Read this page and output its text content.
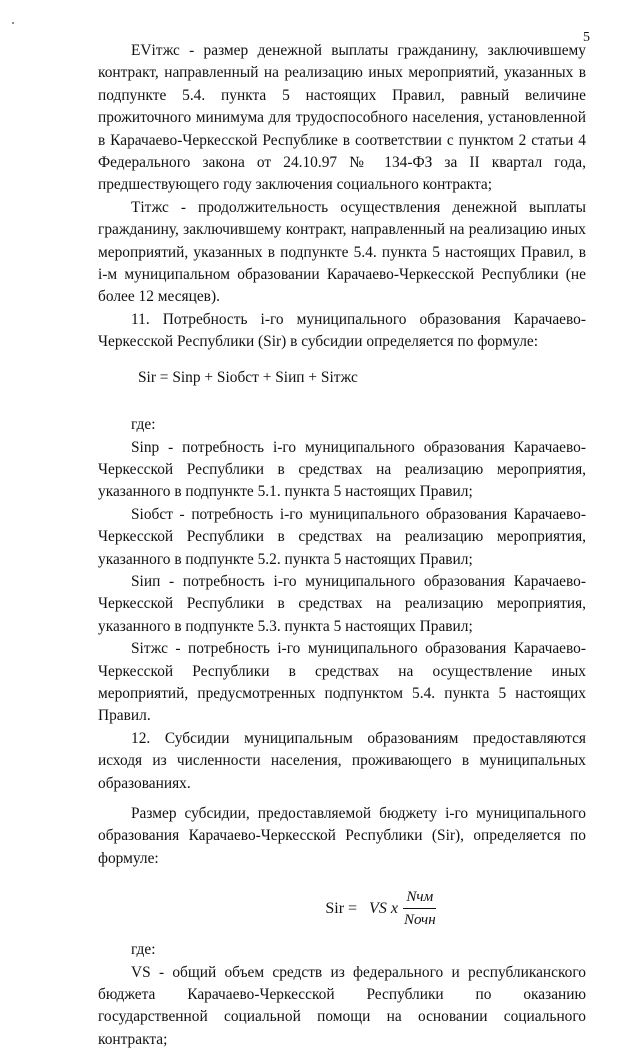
5

EVітжс - размер денежной выплаты гражданину, заключившему контракт, направленный на реализацию иных мероприятий, указанных в подпункте 5.4. пункта 5 настоящих Правил, равный величине прожиточного минимума для трудоспособного населения, установленной в Карачаево-Черкесской Республике в соответствии с пунктом 2 статьи 4 Федерального закона от 24.10.97 № 134-ФЗ за II квартал года, предшествующего году заключения социального контракта;

Тітжс - продолжительность осуществления денежной выплаты гражданину, заключившему контракт, направленный на реализацию иных мероприятий, указанных в подпункте 5.4. пункта 5 настоящих Правил, в i-м муниципальном образовании Карачаево-Черкесской Республики (не более 12 месяцев).

11. Потребность i-го муниципального образования Карачаево-Черкесской Республики (Sir) в субсидии определяется по формуле:

Sir = Sinp + Siобст + Siип + Siтжс

где:

Sinp - потребность i-го муниципального образования Карачаево-Черкесской Республики в средствах на реализацию мероприятия, указанного в подпункте 5.1. пункта 5 настоящих Правил;

Siобст - потребность i-го муниципального образования Карачаево-Черкесской Республики в средствах на реализацию мероприятия, указанного в подпункте 5.2. пункта 5 настоящих Правил;

Siип - потребность i-го муниципального образования Карачаево-Черкесской Республики в средствах на реализацию мероприятия, указанного в подпункте 5.3. пункта 5 настоящих Правил;

Siтжс - потребность i-го муниципального образования Карачаево-Черкесской Республики в средствах на осуществление иных мероприятий, предусмотренных подпунктом 5.4. пункта 5 настоящих Правил.

12. Субсидии муниципальным образованиям предоставляются исходя из численности населения, проживающего в муниципальных образованиях.

Размер субсидии, предоставляемой бюджету i-го муниципального образования Карачаево-Черкесской Республики (Sir), определяется по формуле:

Sir = VS x $\frac{\text{Nчм}}{\text{Nочн}}$

где:

VS - общий объем средств из федерального и республиканского бюджета Карачаево-Черкесской Республики по оказанию государственной социальной помощи на основании социального контракта;
